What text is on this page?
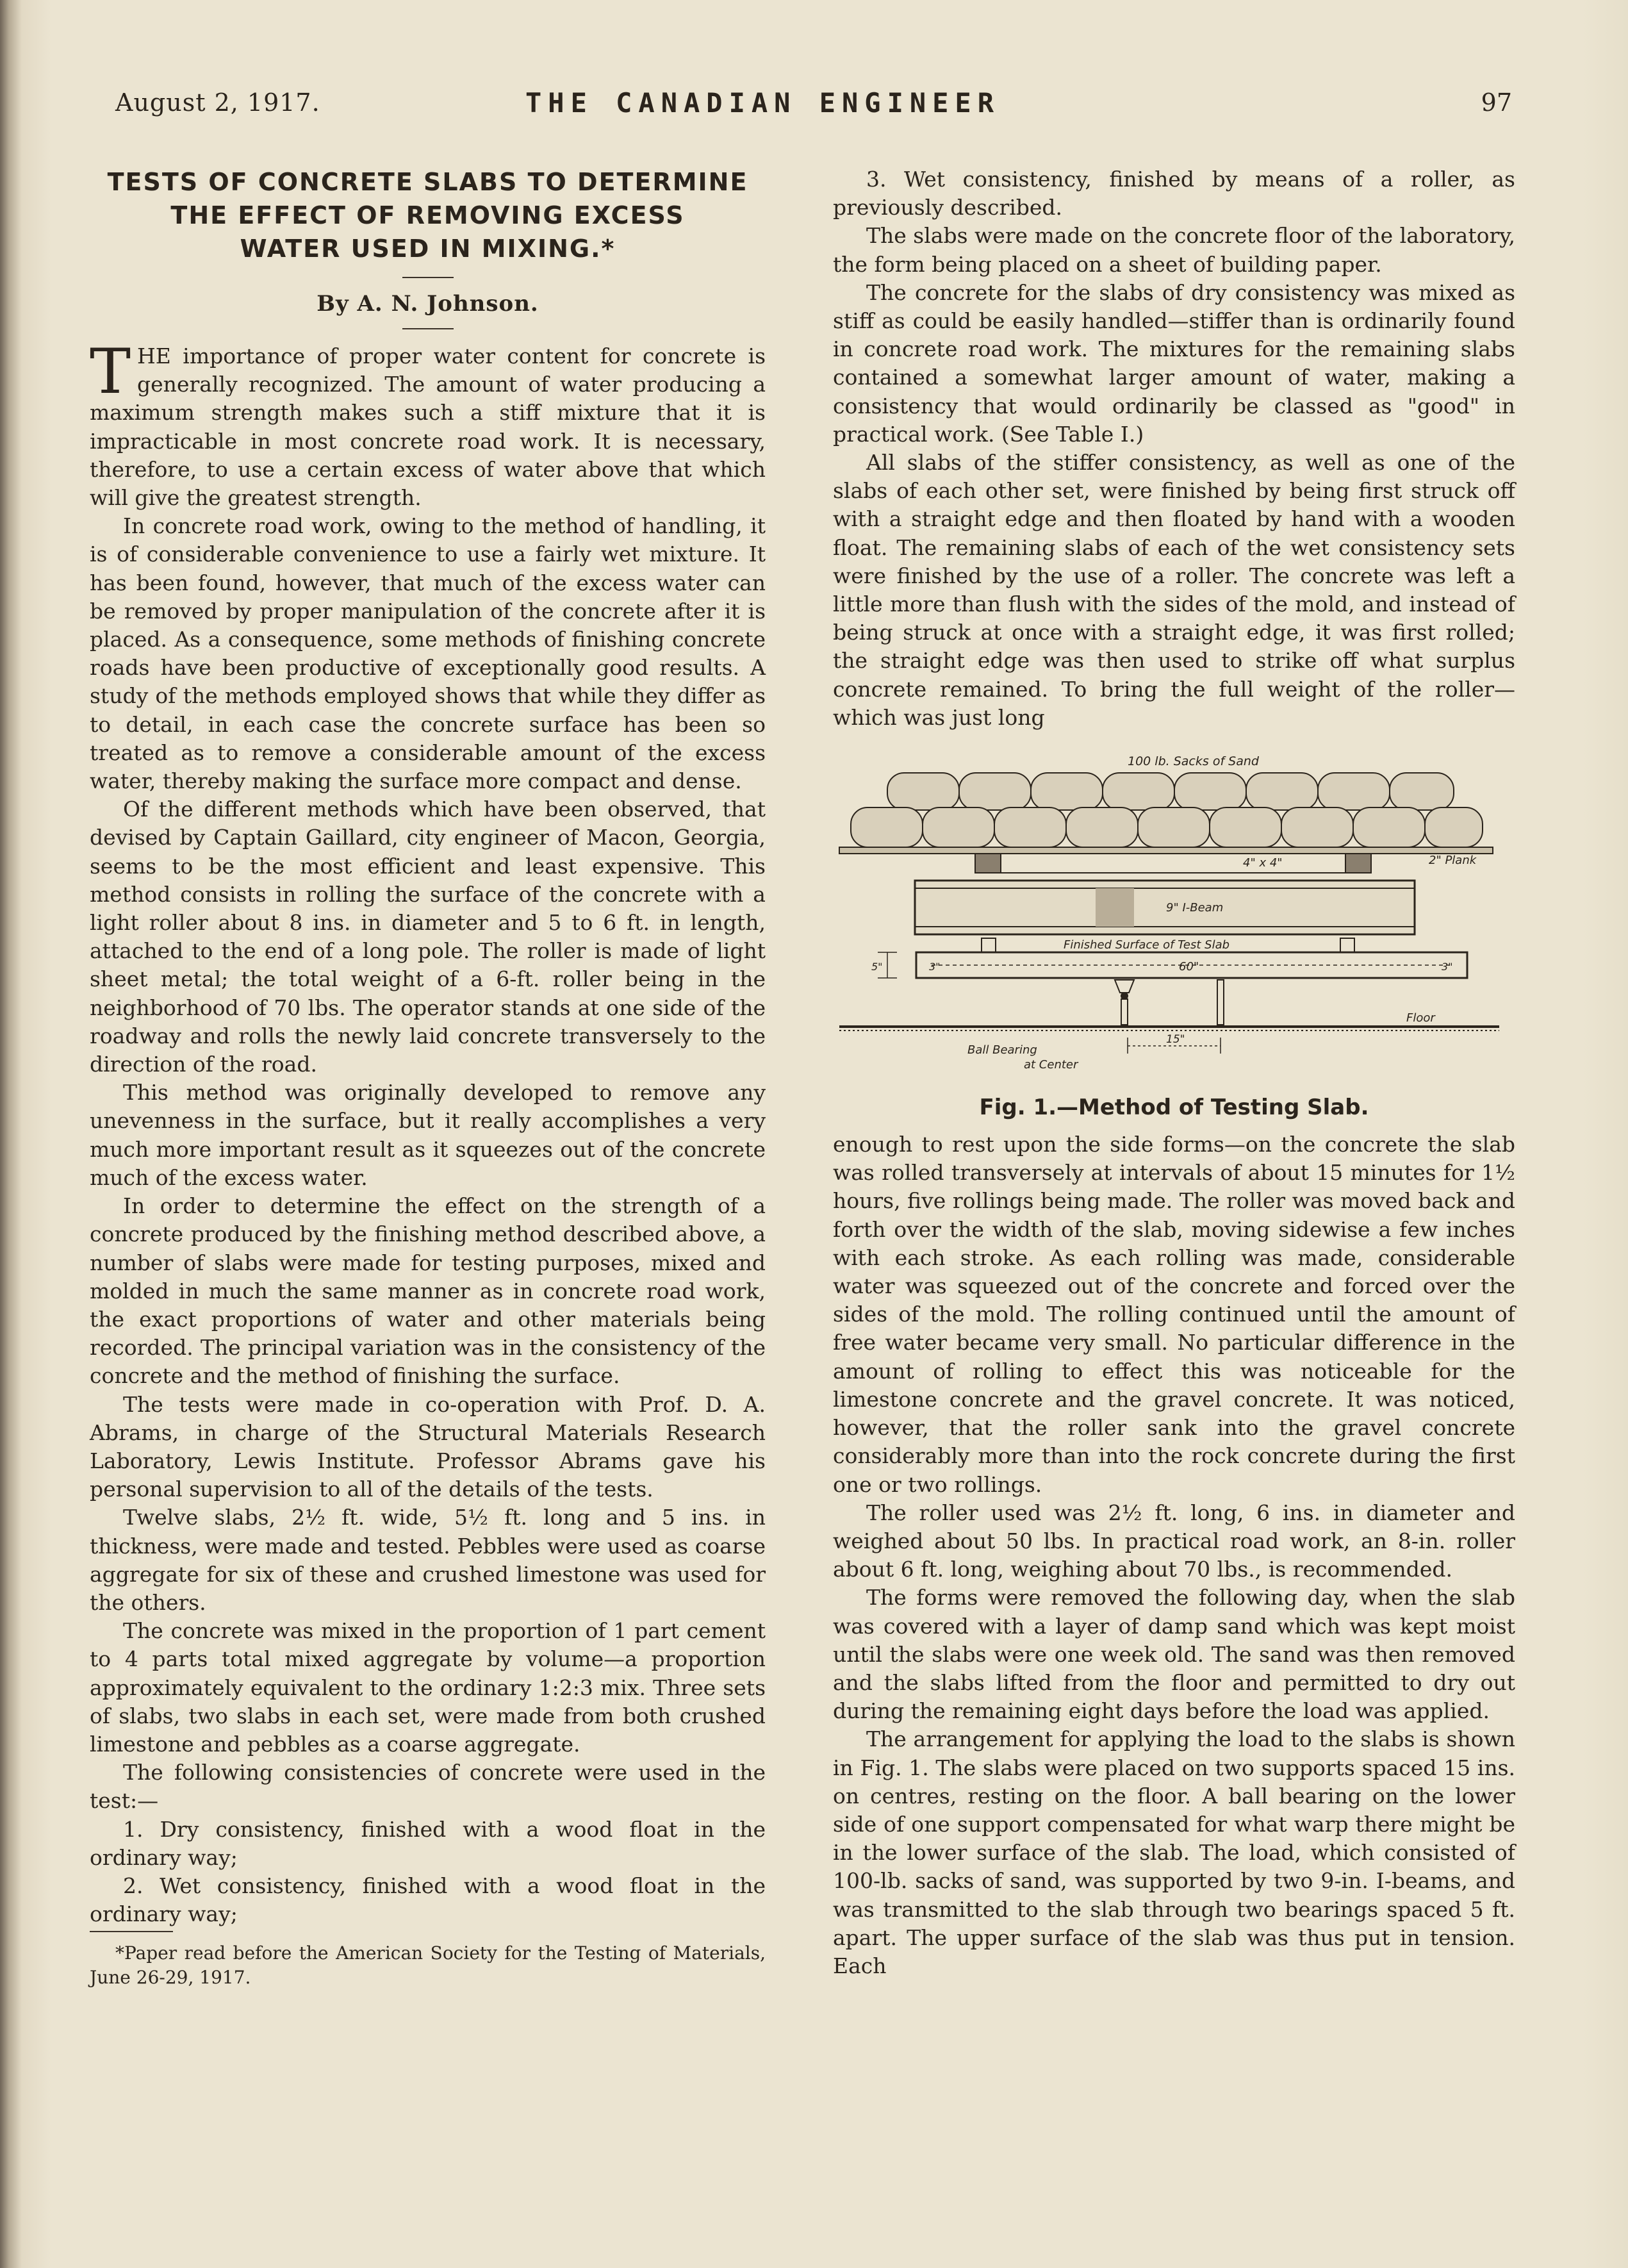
August 2, 1917.	THE CANADIAN ENGINEER	97
TESTS OF CONCRETE SLABS TO DETERMINE
THE EFFECT OF REMOVING EXCESS
WATER USED IN MIXING.*

By A. N. Johnson.

THE importance of proper water content for concrete is generally recognized. The amount of water producing a maximum strength makes such a stiff mixture that it is impracticable in most concrete road work. It is necessary, therefore, to use a certain excess of water above that which will give the greatest strength.

In concrete road work, owing to the method of handling, it is of considerable convenience to use a fairly wet mixture. It has been found, however, that much of the excess water can be removed by proper manipulation of the concrete after it is placed. As a consequence, some methods of finishing concrete roads have been productive of exceptionally good results. A study of the methods employed shows that while they differ as to detail, in each case the concrete surface has been so treated as to remove a considerable amount of the excess water, thereby making the surface more compact and dense.

Of the different methods which have been observed, that devised by Captain Gaillard, city engineer of Macon, Georgia, seems to be the most efficient and least expensive. This method consists in rolling the surface of the concrete with a light roller about 8 ins. in diameter and 5 to 6 ft. in length, attached to the end of a long pole. The roller is made of light sheet metal; the total weight of a 6-ft. roller being in the neighborhood of 70 lbs. The operator stands at one side of the roadway and rolls the newly laid concrete transversely to the direction of the road.

This method was originally developed to remove any unevenness in the surface, but it really accomplishes a very much more important result as it squeezes out of the concrete much of the excess water.

In order to determine the effect on the strength of a concrete produced by the finishing method described above, a number of slabs were made for testing purposes, mixed and molded in much the same manner as in concrete road work, the exact proportions of water and other materials being recorded. The principal variation was in the consistency of the concrete and the method of finishing the surface.

The tests were made in co-operation with Prof. D. A. Abrams, in charge of the Structural Materials Research Laboratory, Lewis Institute. Professor Abrams gave his personal supervision to all of the details of the tests.

Twelve slabs, 2½ ft. wide, 5½ ft. long and 5 ins. in thickness, were made and tested. Pebbles were used as coarse aggregate for six of these and crushed limestone was used for the others.

The concrete was mixed in the proportion of 1 part cement to 4 parts total mixed aggregate by volume—a proportion approximately equivalent to the ordinary 1:2:3 mix. Three sets of slabs, two slabs in each set, were made from both crushed limestone and pebbles as a coarse aggregate.

The following consistencies of concrete were used in the test:—

1. Dry consistency, finished with a wood float in the ordinary way;

2. Wet consistency, finished with a wood float in the ordinary way;

*Paper read before the American Society for the Testing of Materials, June 26-29, 1917.

3. Wet consistency, finished by means of a roller, as previously described.

The slabs were made on the concrete floor of the laboratory, the form being placed on a sheet of building paper.

The concrete for the slabs of dry consistency was mixed as stiff as could be easily handled—stiffer than is ordinarily found in concrete road work. The mixtures for the remaining slabs contained a somewhat larger amount of water, making a consistency that would ordinarily be classed as "good" in practical work. (See Table I.)

All slabs of the stiffer consistency, as well as one of the slabs of each other set, were finished by being first struck off with a straight edge and then floated by hand with a wooden float. The remaining slabs of each of the wet consistency sets were finished by the use of a roller. The concrete was left a little more than flush with the sides of the mold, and instead of being struck at once with a straight edge, it was first rolled; the straight edge was then used to strike off what surplus concrete remained. To bring the full weight of the roller—which was just long

100 lb. Sacks of Sand
4" x 4"	2" Plank
9" I-Beam
Finished Surface of Test Slab
60"
3"	3"
5"
Floor
15"
Ball Bearing
at Center
Fig. 1.—Method of Testing Slab.

enough to rest upon the side forms—on the concrete the slab was rolled transversely at intervals of about 15 minutes for 1½ hours, five rollings being made. The roller was moved back and forth over the width of the slab, moving sidewise a few inches with each stroke. As each rolling was made, considerable water was squeezed out of the concrete and forced over the sides of the mold. The rolling continued until the amount of free water became very small. No particular difference in the amount of rolling to effect this was noticeable for the limestone concrete and the gravel concrete. It was noticed, however, that the roller sank into the gravel concrete considerably more than into the rock concrete during the first one or two rollings.

The roller used was 2½ ft. long, 6 ins. in diameter and weighed about 50 lbs. In practical road work, an 8-in. roller about 6 ft. long, weighing about 70 lbs., is recommended.

The forms were removed the following day, when the slab was covered with a layer of damp sand which was kept moist until the slabs were one week old. The sand was then removed and the slabs lifted from the floor and permitted to dry out during the remaining eight days before the load was applied.

The arrangement for applying the load to the slabs is shown in Fig. 1. The slabs were placed on two supports spaced 15 ins. on centres, resting on the floor. A ball bearing on the lower side of one support compensated for what warp there might be in the lower surface of the slab. The load, which consisted of 100-lb. sacks of sand, was supported by two 9-in. I-beams, and was transmitted to the slab through two bearings spaced 5 ft. apart. The upper surface of the slab was thus put in tension. Each
